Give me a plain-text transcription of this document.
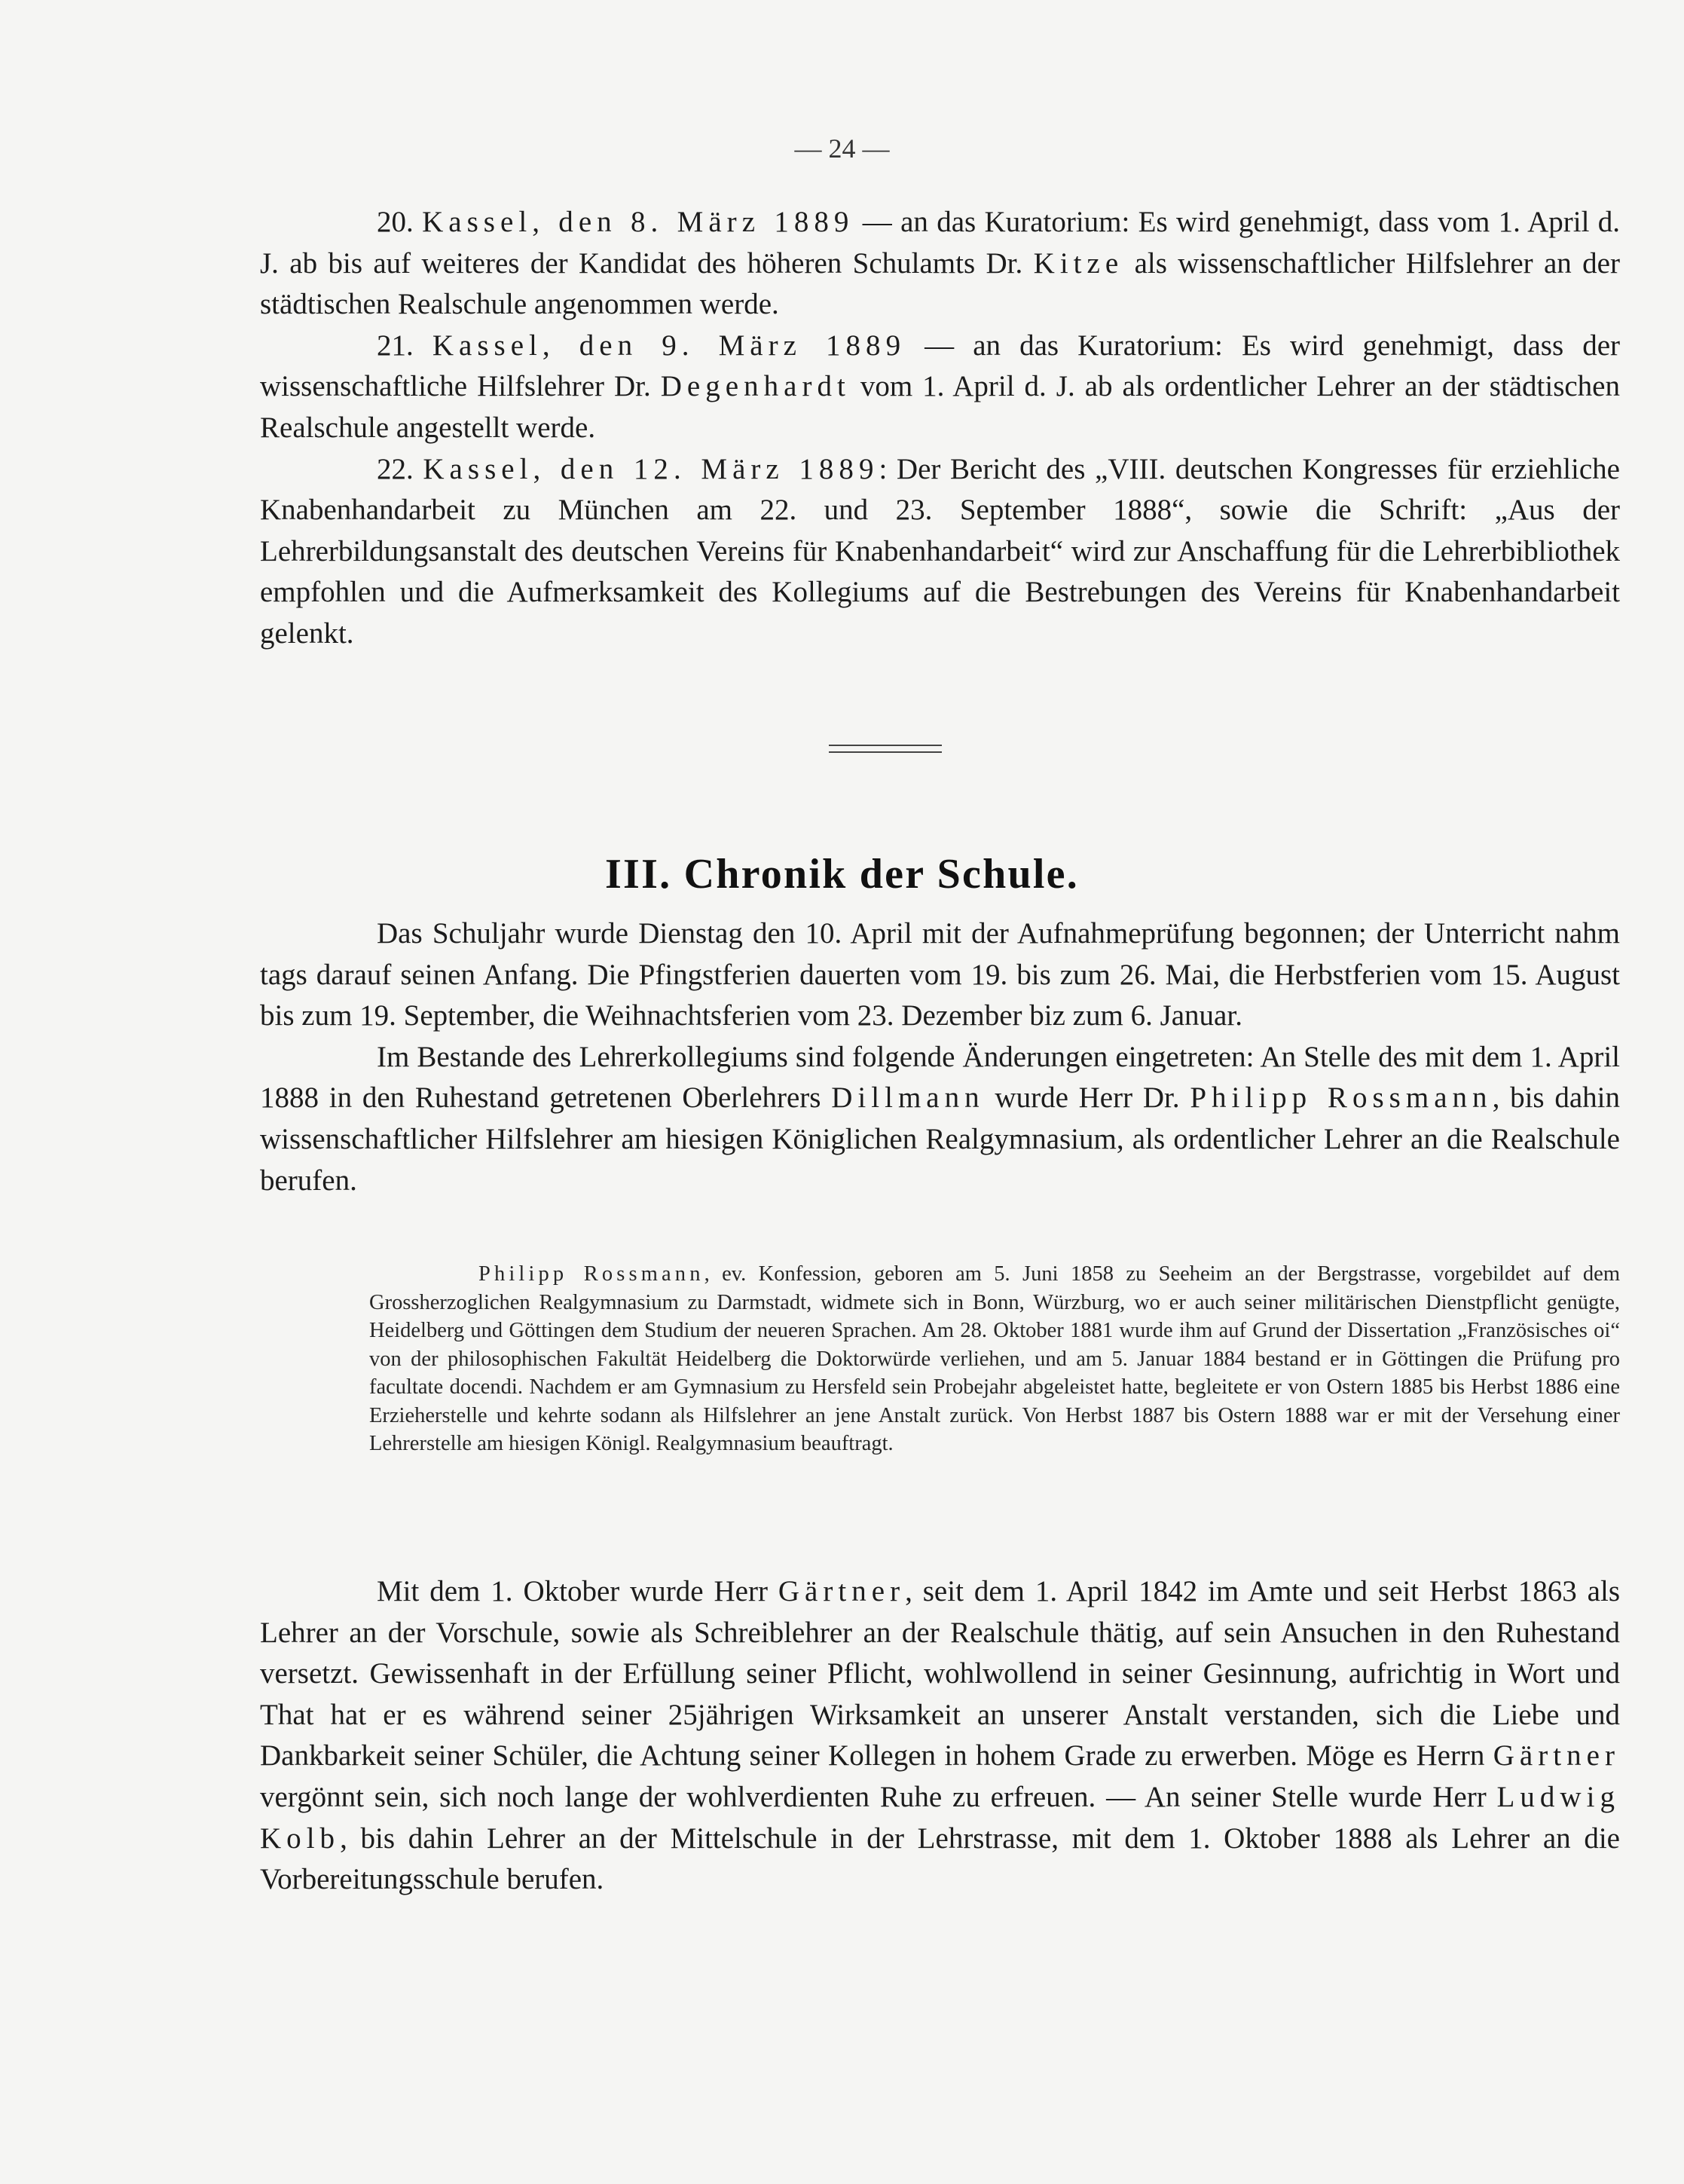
— 24 —

20. Kassel, den 8. März 1889 — an das Kuratorium: Es wird genehmigt, dass vom 1. April d. J. ab bis auf weiteres der Kandidat des höheren Schulamts Dr. Kitze als wissenschaftlicher Hilfslehrer an der städtischen Realschule angenommen werde.

21. Kassel, den 9. März 1889 — an das Kuratorium: Es wird genehmigt, dass der wissenschaftliche Hilfslehrer Dr. Degenhardt vom 1. April d. J. ab als ordentlicher Lehrer an der städtischen Realschule angestellt werde.

22. Kassel, den 12. März 1889: Der Bericht des „VIII. deutschen Kongresses für erziehliche Knabenhandarbeit zu München am 22. und 23. September 1888“, sowie die Schrift: „Aus der Lehrerbildungsanstalt des deutschen Vereins für Knabenhandarbeit“ wird zur Anschaffung für die Lehrerbibliothek empfohlen und die Aufmerksamkeit des Kollegiums auf die Bestrebungen des Vereins für Knabenhandarbeit gelenkt.

III. Chronik der Schule.

Das Schuljahr wurde Dienstag den 10. April mit der Aufnahmeprüfung begonnen; der Unterricht nahm tags darauf seinen Anfang. Die Pfingstferien dauerten vom 19. bis zum 26. Mai, die Herbstferien vom 15. August bis zum 19. September, die Weihnachtsferien vom 23. Dezember biz zum 6. Januar.

Im Bestande des Lehrerkollegiums sind folgende Änderungen eingetreten: An Stelle des mit dem 1. April 1888 in den Ruhestand getretenen Oberlehrers Dillmann wurde Herr Dr. Philipp Rossmann, bis dahin wissenschaftlicher Hilfslehrer am hiesigen Königlichen Realgymnasium, als ordentlicher Lehrer an die Realschule berufen.

Philipp Rossmann, ev. Konfession, geboren am 5. Juni 1858 zu Seeheim an der Bergstrasse, vorgebildet auf dem Grossherzoglichen Realgymnasium zu Darmstadt, widmete sich in Bonn, Würzburg, wo er auch seiner militärischen Dienstpflicht genügte, Heidelberg und Göttingen dem Studium der neueren Sprachen. Am 28. Oktober 1881 wurde ihm auf Grund der Dissertation „Französisches oi“ von der philosophischen Fakultät Heidelberg die Doktorwürde verliehen, und am 5. Januar 1884 bestand er in Göttingen die Prüfung pro facultate docendi. Nachdem er am Gymnasium zu Hersfeld sein Probejahr abgeleistet hatte, begleitete er von Ostern 1885 bis Herbst 1886 eine Erzieherstelle und kehrte sodann als Hilfslehrer an jene Anstalt zurück. Von Herbst 1887 bis Ostern 1888 war er mit der Versehung einer Lehrerstelle am hiesigen Königl. Realgymnasium beauftragt.

Mit dem 1. Oktober wurde Herr Gärtner, seit dem 1. April 1842 im Amte und seit Herbst 1863 als Lehrer an der Vorschule, sowie als Schreiblehrer an der Realschule thätig, auf sein Ansuchen in den Ruhestand versetzt. Gewissenhaft in der Erfüllung seiner Pflicht, wohlwollend in seiner Gesinnung, aufrichtig in Wort und That hat er es während seiner 25jährigen Wirksamkeit an unserer Anstalt verstanden, sich die Liebe und Dankbarkeit seiner Schüler, die Achtung seiner Kollegen in hohem Grade zu erwerben. Möge es Herrn Gärtner vergönnt sein, sich noch lange der wohlverdienten Ruhe zu erfreuen. — An seiner Stelle wurde Herr Ludwig Kolb, bis dahin Lehrer an der Mittelschule in der Lehrstrasse, mit dem 1. Oktober 1888 als Lehrer an die Vorbereitungsschule berufen.
